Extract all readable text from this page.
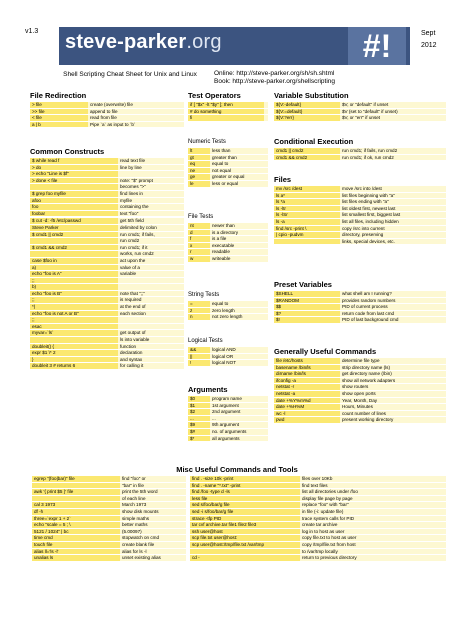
v1.3 steve-parker.org	#!	Sept
2012
Shell Scripting Cheat Sheet for Unix and Linux	Online: http://steve-parker.org/sh/sh.shtml
Book: http://steve-parker.org/shellscripting
File Redirection
> file	create (overwrite) file
>> file	append to file
< file	read from file
a | b	Pipe `a` as input to `b`
Common Constructs
$ while read f	read text file
> do	line by line
> echo "Line is $f"	
> done < file	note: "$" prompt
	becomes ">"
$ grep foo myfile	find lines in
afoo	myfile
foo	containing the
foobar	text "foo"

$ cut -d: -f5 /etc/passwd	get 5th field
Steve Parker	delimited by colon
$ cmd1 || cmd2	run cmd1; if fails,
	run cmd2
$ cmd1 && cmd2	run cmd1; if it
	works, run cmd2
case $foo in	act upon the
a)	value of a
echo "foo is A"	variable
;;	
b)	
echo "foo is B"	note that ";;"
;;	is required
*)	at the end of
echo "foo is not A or B"	each section
;;	
esac	
myvar=`ls`	get output of
	ls into variable
doubleit() {	function
expr $1 \* 2	declaration
}	and syntax
doubleit 3 # returns 6	for calling it
Test Operators
if [ "$x" -lt "$y" ]; then	
# do something	
fi	
Numeric Tests
lt	less than
gt	greater than
eq	equal to
ne	not equal
ge	greater or equal
le	less or equal
File Tests
nt	newer than
d	is a directory
f	is a file
x	executable
r	readable
w	writeable
String Tests
=	equal to
z	zero length
n	not zero length
Logical Tests
&&	logical AND
||	logical OR
!	logical NOT
Arguments
$0	program name
$1	1st argument
$2	2nd argument
...	...
$9	9th argument
$#	no. of arguments
$*	all arguments
Variable Substitution
${V:-default}	$V, or "default" if unset
${V:=default}	$V (set to "default" if unset)
${V:?err}	$V, or "err" if unset
Conditional Execution
cmd1 || cmd2	run cmd1; if fails, run cmd2
cmd1 && cmd2	run cmd1; if ok, run cmd2
Files
mv /src /dest	move /src into /dest
ls a*	list files beginning with "a"
ls *a	list files ending with "a"
ls -ltr	list oldest first, newest last
ls -lSr	list smallest first, biggest last
ls -a	list all files, including hidden
find /src -print \	copy /src into current
| cpio -pudvm	directory, preserving
	links, special devices, etc.
Preset Variables
$SHELL	what shell am I running?
$RANDOM	provides random numbers
$$	PID of current process
$?	return code from last cmd
$!	PID of last background cmd
Generally Useful Commands
file /etc/hosts	determine file type
basename /bin/ls	strip directory name (ls)
dirname /bin/ls	get directory name (/bin)
ifconfig -a	show all network adapters
netstat -r	show routers
netstat -a	show open ports
date +%Y%m%d	Year, Month, Day
date +%H%M	Hours, Minutes
wc -l	count number of lines
pwd	present working directory
Misc Useful Commands and Tools
egrep "(foo|bar)" file	find "foo" or
	"bar" in file
awk '{ print $5 }' file	print the 5th word
	of each line
cal 3 1973	March 1973
df -h	show disk mounts
three=`expr 1 + 2`	simple maths
echo "scale = 5 ; \	better maths
5121 / 1024" | bc	(5.00097)
time cmd	stopwatch on cmd
touch file	create blank file
alias ll='ls -l'	alias for ls -l
unalias ls	unset existing alias
find . -size 10k -print	files over 10Kb
find . -name "*.txt" -print	find text files
find /foo -type d -ls	list all directories under /foo
less file	display file page by page
sed s/foo/bar/g file	replace "foo" with "bar"
sed -i s/foo/bar/g file	in file (-i: update file)
strace -tfp PID	trace system calls for PID
tar cvf archive.tar file1 file2 file3	create tar archive
ssh user@host	log in to host as user
scp file.txt user@host:	copy file.txt to host as user
scp user@host:/tmp/file.txt /var/tmp	copy /tmp/file.txt from host
	to /var/tmp locally
cd -	return to previous directory
